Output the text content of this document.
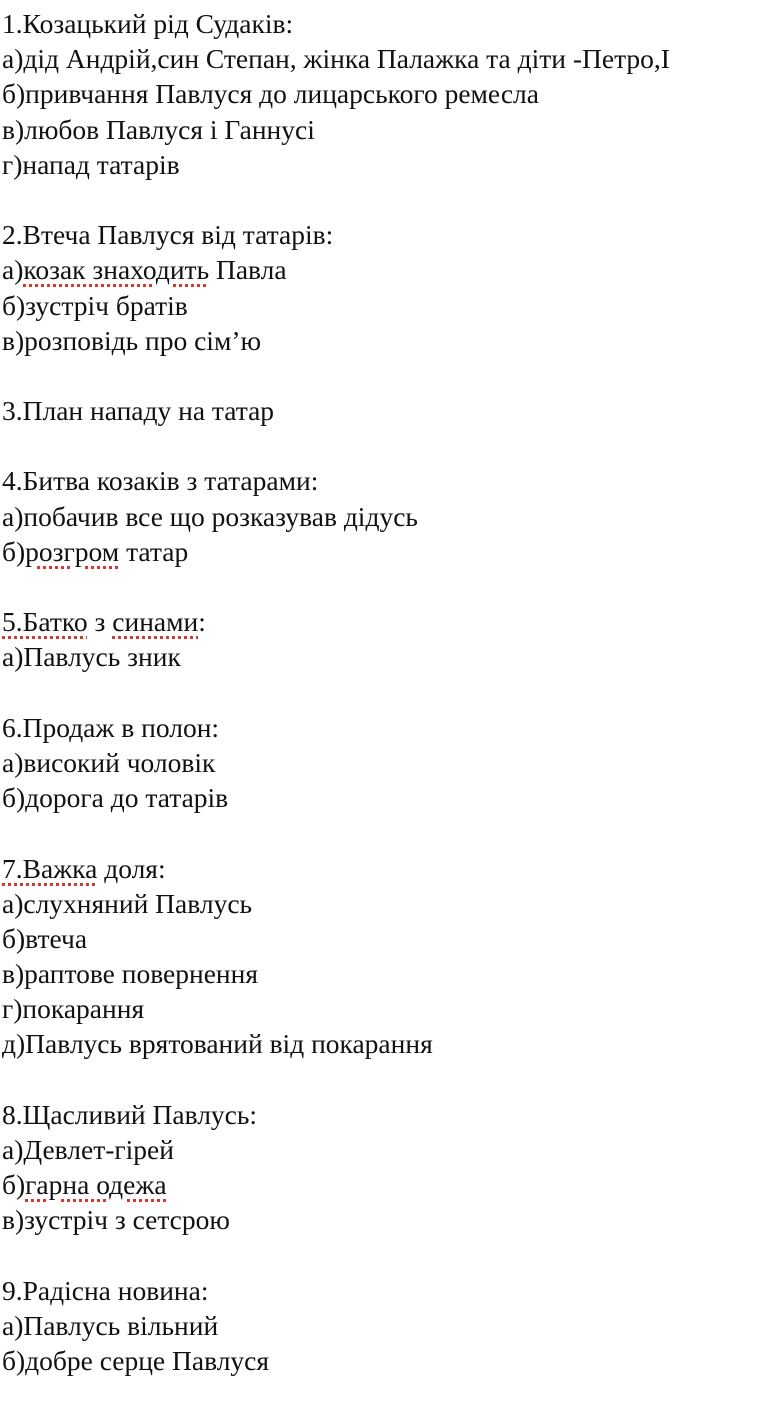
1.Козацький рід Судаків:
а)дід Андрій,син Степан, жінка Палажка та діти -Петро,І
б)привчання Павлуся до лицарського ремесла
в)любов Павлуся і Ганнусі
г)напад татарів
2.Втеча Павлуся від татарів:
а)козак знаходить Павла
б)зустріч братів
в)розповідь про сім’ю
3.План нападу на татар
4.Битва козаків з татарами:
а)побачив все що розказував дідусь
б)розгром татар
5.Батко з синами:
а)Павлусь зник
6.Продаж в полон:
а)високий чоловік
б)дорога до татарів
7.Важка доля:
а)слухняний Павлусь
б)втеча
в)раптове повернення
г)покарання
д)Павлусь врятований від покарання
8.Щасливий Павлусь:
а)Девлет-гірей
б)гарна одежа
в)зустріч з сетсрою
9.Радісна новина:
а)Павлусь вільний
б)добре серце Павлуся
